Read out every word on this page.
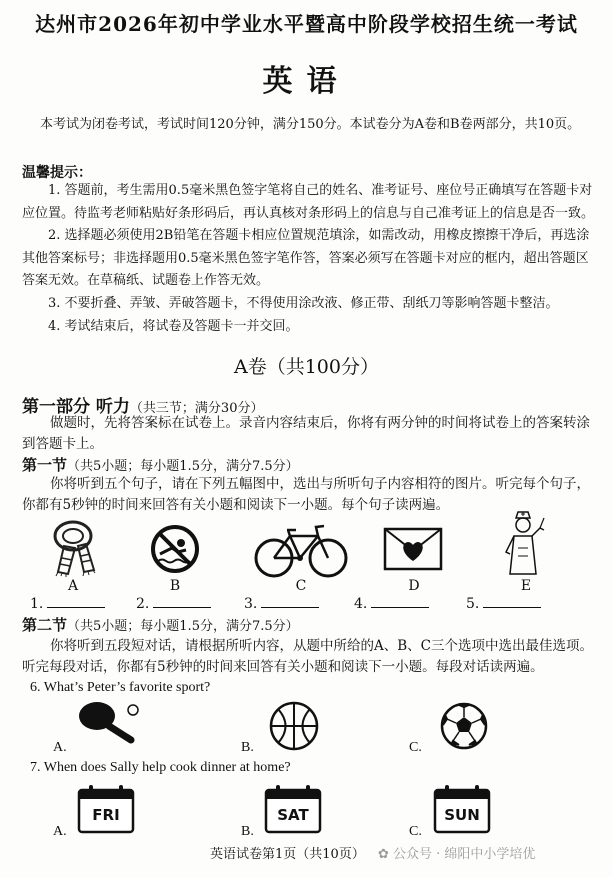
达州市2026年初中学业水平暨高中阶段学校招生统一考试
英语
本考试为闭卷考试，考试时间120分钟，满分150分。本试卷分为A卷和B卷两部分，共10页。
温馨提示：

1. 答题前，考生需用0.5毫米黑色签字笔将自己的姓名、准考证号、座位号正确填写在答题卡对应位置。待监考老师粘贴好条形码后，再认真核对条形码上的信息与自己准考证上的信息是否一致。

2. 选择题必须使用2B铅笔在答题卡相应位置规范填涂，如需改动，用橡皮擦擦干净后，再选涂其他答案标号；非选择题用0.5毫米黑色签字笔作答，答案必须写在答题卡对应的框内，超出答题区答案无效。在草稿纸、试题卷上作答无效。

3. 不要折叠、弄皱、弄破答题卡，不得使用涂改液、修正带、刮纸刀等影响答题卡整洁。

4. 考试结束后，将试卷及答题卡一并交回。

A卷（共100分）
第一部分 听力（共三节；满分30分）

做题时，先将答案标在试卷上。录音内容结束后，你将有两分钟的时间将试卷上的答案转涂到答题卡上。

第一节（共5小题；每小题1.5分，满分7.5分）

你将听到五个句子，请在下列五幅图中，选出与所听句子内容相符的图片。听完每个句子，你都有5秒钟的时间来回答有关小题和阅读下一小题。每个句子读两遍。

A	B	C	D	E
1.	2.	3.	4.	5.
第二节（共5小题；每小题1.5分，满分7.5分）

你将听到五段短对话，请根据所听内容，从题中所给的A、B、C三个选项中选出最佳选项。听完每段对话，你都有5秒钟的时间来回答有关小题和阅读下一小题。每段对话读两遍。

6. What’s Peter’s favorite sport?
A.	B.	C.
7. When does Sally help cook dinner at home?
A.
FRI
B.
SAT
C.
SUN
英语试卷第1页（共10页） ✿ 公众号 · 绵阳中小学培优
